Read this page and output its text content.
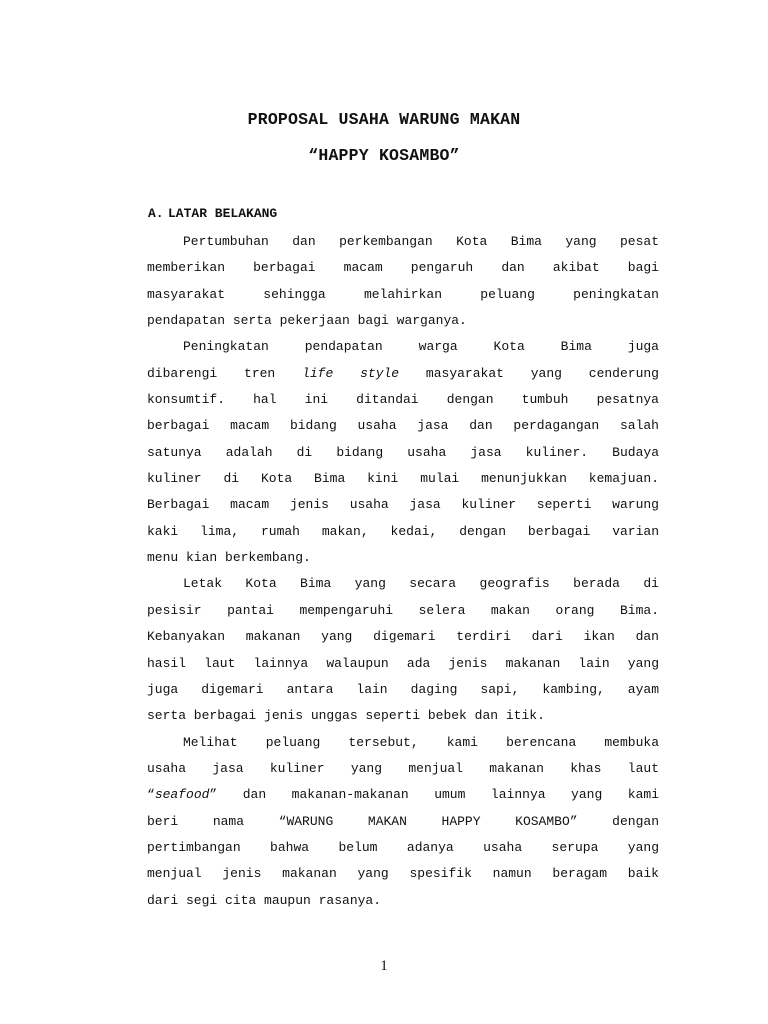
PROPOSAL USAHA WARUNG MAKAN
“HAPPY KOSAMBO”
A. LATAR BELAKANG
Pertumbuhan dan perkembangan Kota Bima yang pesat
memberikan berbagai macam pengaruh dan akibat bagi
masyarakat sehingga melahirkan peluang peningkatan
pendapatan serta pekerjaan bagi warganya.
Peningkatan pendapatan warga Kota Bima juga
dibarengi tren life style masyarakat yang cenderung
konsumtif. hal ini ditandai dengan tumbuh pesatnya
berbagai macam bidang usaha jasa dan perdagangan salah
satunya adalah di bidang usaha jasa kuliner. Budaya
kuliner di Kota Bima kini mulai menunjukkan kemajuan.
Berbagai macam jenis usaha jasa kuliner seperti warung
kaki lima, rumah makan, kedai, dengan berbagai varian
menu kian berkembang.
Letak Kota Bima yang secara geografis berada di
pesisir pantai mempengaruhi selera makan orang Bima.
Kebanyakan makanan yang digemari terdiri dari ikan dan
hasil laut lainnya walaupun ada jenis makanan lain yang
juga digemari antara lain daging sapi, kambing, ayam
serta berbagai jenis unggas seperti bebek dan itik.
Melihat peluang tersebut, kami berencana membuka
usaha jasa kuliner yang menjual makanan khas laut
“seafood” dan makanan-makanan umum lainnya yang kami
beri nama “WARUNG MAKAN HAPPY KOSAMBO” dengan
pertimbangan bahwa belum adanya usaha serupa yang
menjual jenis makanan yang spesifik namun beragam baik
dari segi cita maupun rasanya.
1
